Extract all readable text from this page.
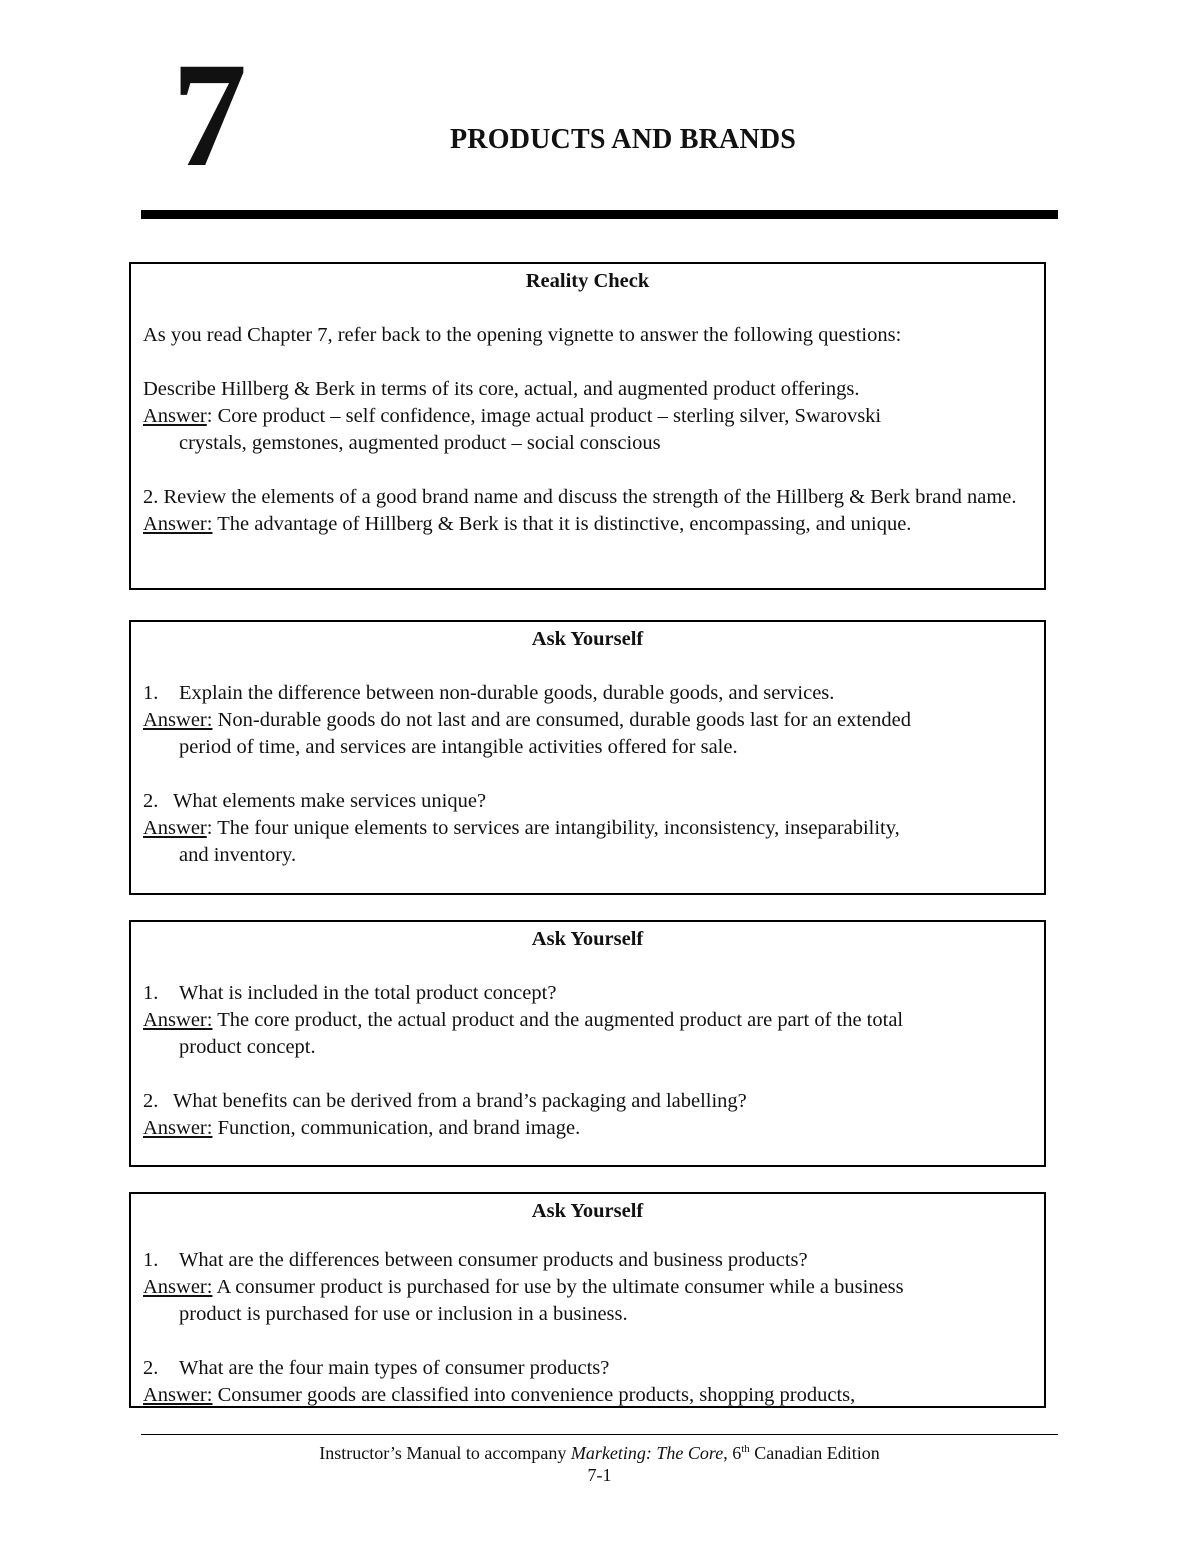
7	PRODUCTS AND BRANDS
Reality Check

As you read Chapter 7, refer back to the opening vignette to answer the following questions:

Describe Hillberg & Berk in terms of its core, actual, and augmented product offerings.

Answer: Core product – self confidence, image actual product – sterling silver, Swarovski

crystals, gemstones, augmented product – social conscious

2. Review the elements of a good brand name and discuss the strength of the Hillberg & Berk brand name.

Answer: The advantage of Hillberg & Berk is that it is distinctive, encompassing, and unique.

Ask Yourself

1. Explain the difference between non-durable goods, durable goods, and services.

Answer: Non-durable goods do not last and are consumed, durable goods last for an extended

period of time, and services are intangible activities offered for sale.

2. What elements make services unique?

Answer: The four unique elements to services are intangibility, inconsistency, inseparability,

and inventory.

Ask Yourself

1. What is included in the total product concept?

Answer: The core product, the actual product and the augmented product are part of the total

product concept.

2. What benefits can be derived from a brand’s packaging and labelling?

Answer: Function, communication, and brand image.

Ask Yourself

1. What are the differences between consumer products and business products?

Answer: A consumer product is purchased for use by the ultimate consumer while a business

product is purchased for use or inclusion in a business.

2. What are the four main types of consumer products?

Answer: Consumer goods are classified into convenience products, shopping products,

Instructor’s Manual to accompany Marketing: The Core, 6th Canadian Edition
7-1
